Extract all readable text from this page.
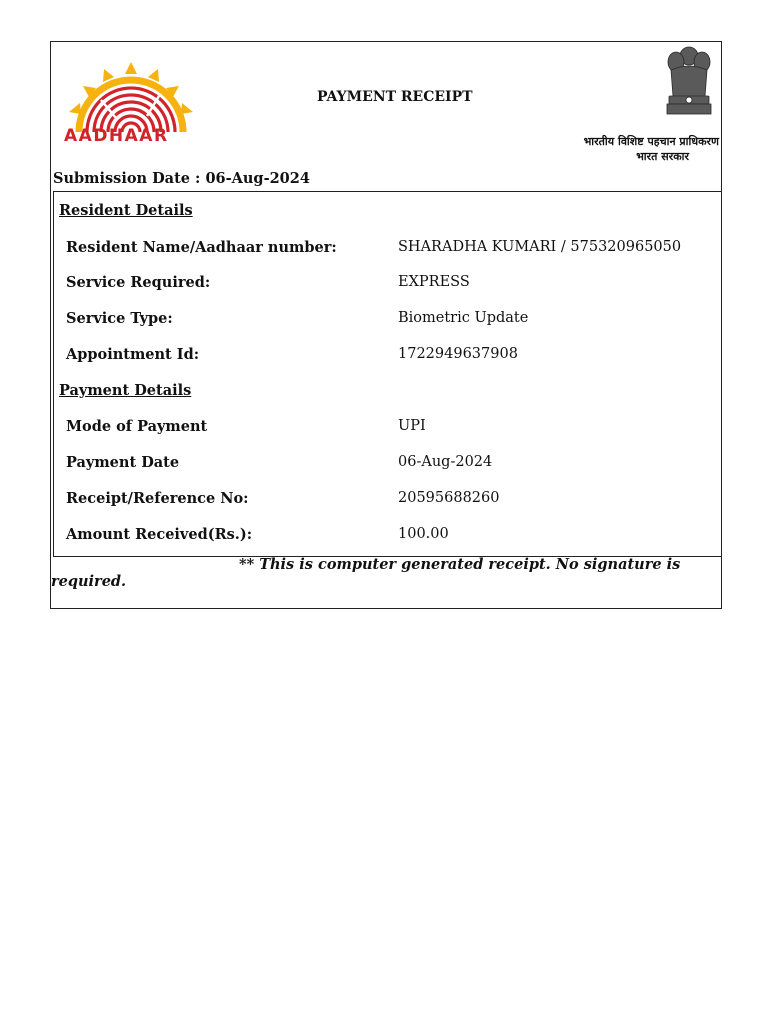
AADHAAR
PAYMENT RECEIPT
भारतीय विशिष्ट पहचान प्राधिकरण
भारत सरकार
Submission Date : 06-Aug-2024
Resident Details
Resident Name/Aadhaar number:	SHARADHA KUMARI / 575320965050
Service Required:	EXPRESS
Service Type:	Biometric Update
Appointment Id:	1722949637908
Payment Details
Mode of Payment	UPI
Payment Date	06-Aug-2024
Receipt/Reference No:	20595688260
Amount Received(Rs.):	100.00
** This is computer generated receipt. No signature is required.
